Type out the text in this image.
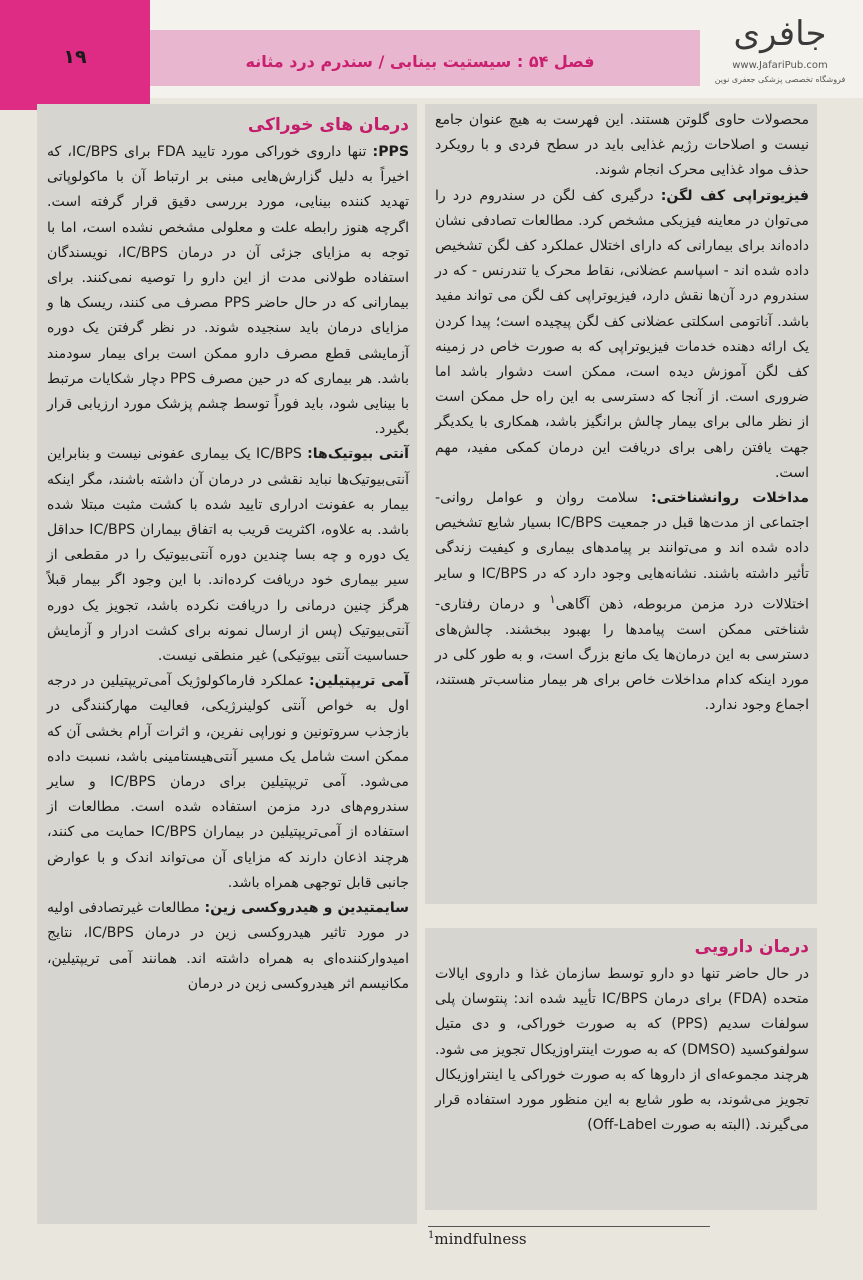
۱۹	فصل ۵۴ : سیستیت بینابی / سندرم درد مثانه
جافری
www.JafariPub.com
فروشگاه تخصصی پزشکی جعفری نوین

محصولات حاوی گلوتن هستند. این فهرست به هیچ عنوان جامع نیست و اصلاحات رژیم غذایی باید در سطح فردی و با رویکرد حذف مواد غذایی محرک انجام شوند.

فیزیوتراپی کف لگن: درگیری کف لگن در سندروم درد را می‌توان در معاینه فیزیکی مشخص کرد. مطالعات تصادفی نشان داده‌اند برای بیمارانی که دارای اختلال عملکرد کف لگن تشخیص داده شده اند - اسپاسم عضلانی، نقاط محرک یا تندرنس - که در سندروم درد آن‌ها نقش دارد، فیزیوتراپی کف لگن می تواند مفید باشد. آناتومی اسکلتی عضلانی کف لگن پیچیده است؛ پیدا کردن یک ارائه دهنده خدمات فیزیوتراپی که به صورت خاص در زمینه کف لگن آموزش دیده است، ممکن است دشوار باشد اما ضروری است. از آنجا که دسترسی به این راه حل ممکن است از نظر مالی برای بیمار چالش برانگیز باشد، همکاری با یکدیگر جهت یافتن راهی برای دریافت این درمان کمکی مفید، مهم است.

مداخلات روانشناختی: سلامت روان و عوامل روانی-اجتماعی از مدت‌ها قبل در جمعیت IC/BPS بسیار شایع تشخیص داده شده اند و می‌توانند بر پیامدهای بیماری و کیفیت زندگی تأثیر داشته باشند. نشانه‌هایی وجود دارد که در IC/BPS و سایر اختلالات درد مزمن مربوطه، ذهن آگاهی$^۱$ و درمان رفتاری-شناختی ممکن است پیامدها را بهبود ببخشند. چالش‌های دسترسی به این درمان‌ها یک مانع بزرگ است، و به طور کلی در مورد اینکه کدام مداخلات خاص برای هر بیمار مناسب‌تر هستند، اجماع وجود ندارد.

درمان دارویی

در حال حاضر تنها دو دارو توسط سازمان غذا و داروی ایالات متحده (FDA) برای درمان IC/BPS تأیید شده اند: پنتوسان پلی سولفات سدیم (PPS) که به صورت خوراکی، و دی متیل سولفوکسید (DMSO) که به صورت اینتراوزیکال تجویز می شود. هرچند مجموعه‌ای از داروها که به صورت خوراکی یا اینتراوزیکال تجویز می‌شوند، به طور شایع به این منظور مورد استفاده قرار می‌گیرند. (البته به صورت Off-Label)

درمان های خوراکی

PPS: تنها داروی خوراکی مورد تایید FDA برای IC/BPS، که اخیراً به دلیل گزارش‌هایی مبنی بر ارتباط آن با ماکولوپاتی تهدید کننده بینایی، مورد بررسی دقیق قرار گرفته است. اگرچه هنوز رابطه علت و معلولی مشخص نشده است، اما با توجه به مزایای جزئی آن در درمان IC/BPS، نویسندگان استفاده طولانی مدت از این دارو را توصیه نمی‌کنند. برای بیمارانی که در حال حاضر PPS مصرف می کنند، ریسک ها و مزایای درمان باید سنجیده شوند. در نظر گرفتن یک دوره آزمایشی قطع مصرف دارو ممکن است برای بیمار سودمند باشد. هر بیماری که در حین مصرف PPS دچار شکایات مرتبط با بینایی شود، باید فوراً توسط چشم پزشک مورد ارزیابی قرار بگیرد.

آنتی بیوتیک‌ها: IC/BPS یک بیماری عفونی نیست و بنابراین آنتی‌بیوتیک‌ها نباید نقشی در درمان آن داشته باشند، مگر اینکه بیمار به عفونت ادراری تایید شده با کشت مثبت مبتلا شده باشد. به علاوه، اکثریت قریب به اتفاق بیماران IC/BPS حداقل یک دوره و چه بسا چندین دوره آنتی‌بیوتیک را در مقطعی از سیر بیماری خود دریافت کرده‌اند. با این وجود اگر بیمار قبلاً هرگز چنین درمانی را دریافت نکرده باشد، تجویز یک دوره آنتی‌بیوتیک (پس از ارسال نمونه برای کشت ادرار و آزمایش حساسیت آنتی بیوتیکی) غیر منطقی نیست.

آمی تریپتیلین: عملکرد فارماکولوژیک آمی‌تریپتیلین در درجه اول به خواص آنتی کولینرژیکی، فعالیت مهارکنندگی در بازجذب سروتونین و نوراپی نفرین، و اثرات آرام بخشی آن که ممکن است شامل یک مسیر آنتی‌هیستامینی باشد، نسبت داده می‌شود. آمی تریپتیلین برای درمان IC/BPS و سایر سندروم‌های درد مزمن استفاده شده است. مطالعات از استفاده از آمی‌تریپتیلین در بیماران IC/BPS حمایت می کنند، هرچند اذعان دارند که مزایای آن می‌تواند اندک و با عوارض جانبی قابل توجهی همراه باشد.

سایمتیدین و هیدروکسی زین: مطالعات غیرتصادفی اولیه در مورد تاثیر هیدروکسی زین در درمان IC/BPS، نتایج امیدوارکننده‌ای به همراه داشته اند. همانند آمی تریپتیلین، مکانیسم اثر هیدروکسی زین در درمان

$^1$mindfulness
